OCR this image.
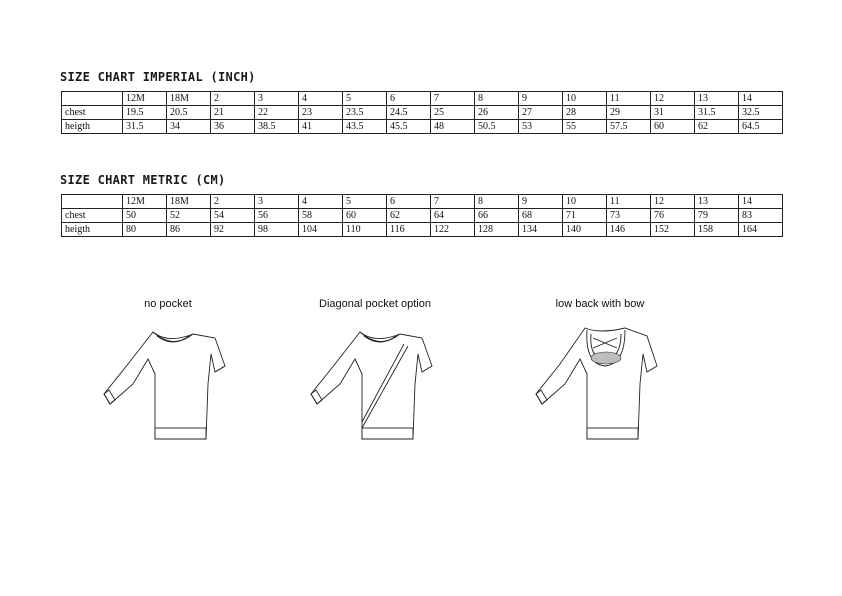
SIZE CHART IMPERIAL (INCH)
	12M	18M	2	3	4	5	6	7	8	9	10	11	12	13	14
chest	19.5	20.5	21	22	23	23.5	24.5	25	26	27	28	29	31	31.5	32.5
heigth	31.5	34	36	38.5	41	43.5	45.5	48	50.5	53	55	57.5	60	62	64.5
SIZE CHART METRIC (CM)
	12M	18M	2	3	4	5	6	7	8	9	10	11	12	13	14
chest	50	52	54	56	58	60	62	64	66	68	71	73	76	79	83
heigth	80	86	92	98	104	110	116	122	128	134	140	146	152	158	164
no pocket	Diagonal pocket option	low back with bow
